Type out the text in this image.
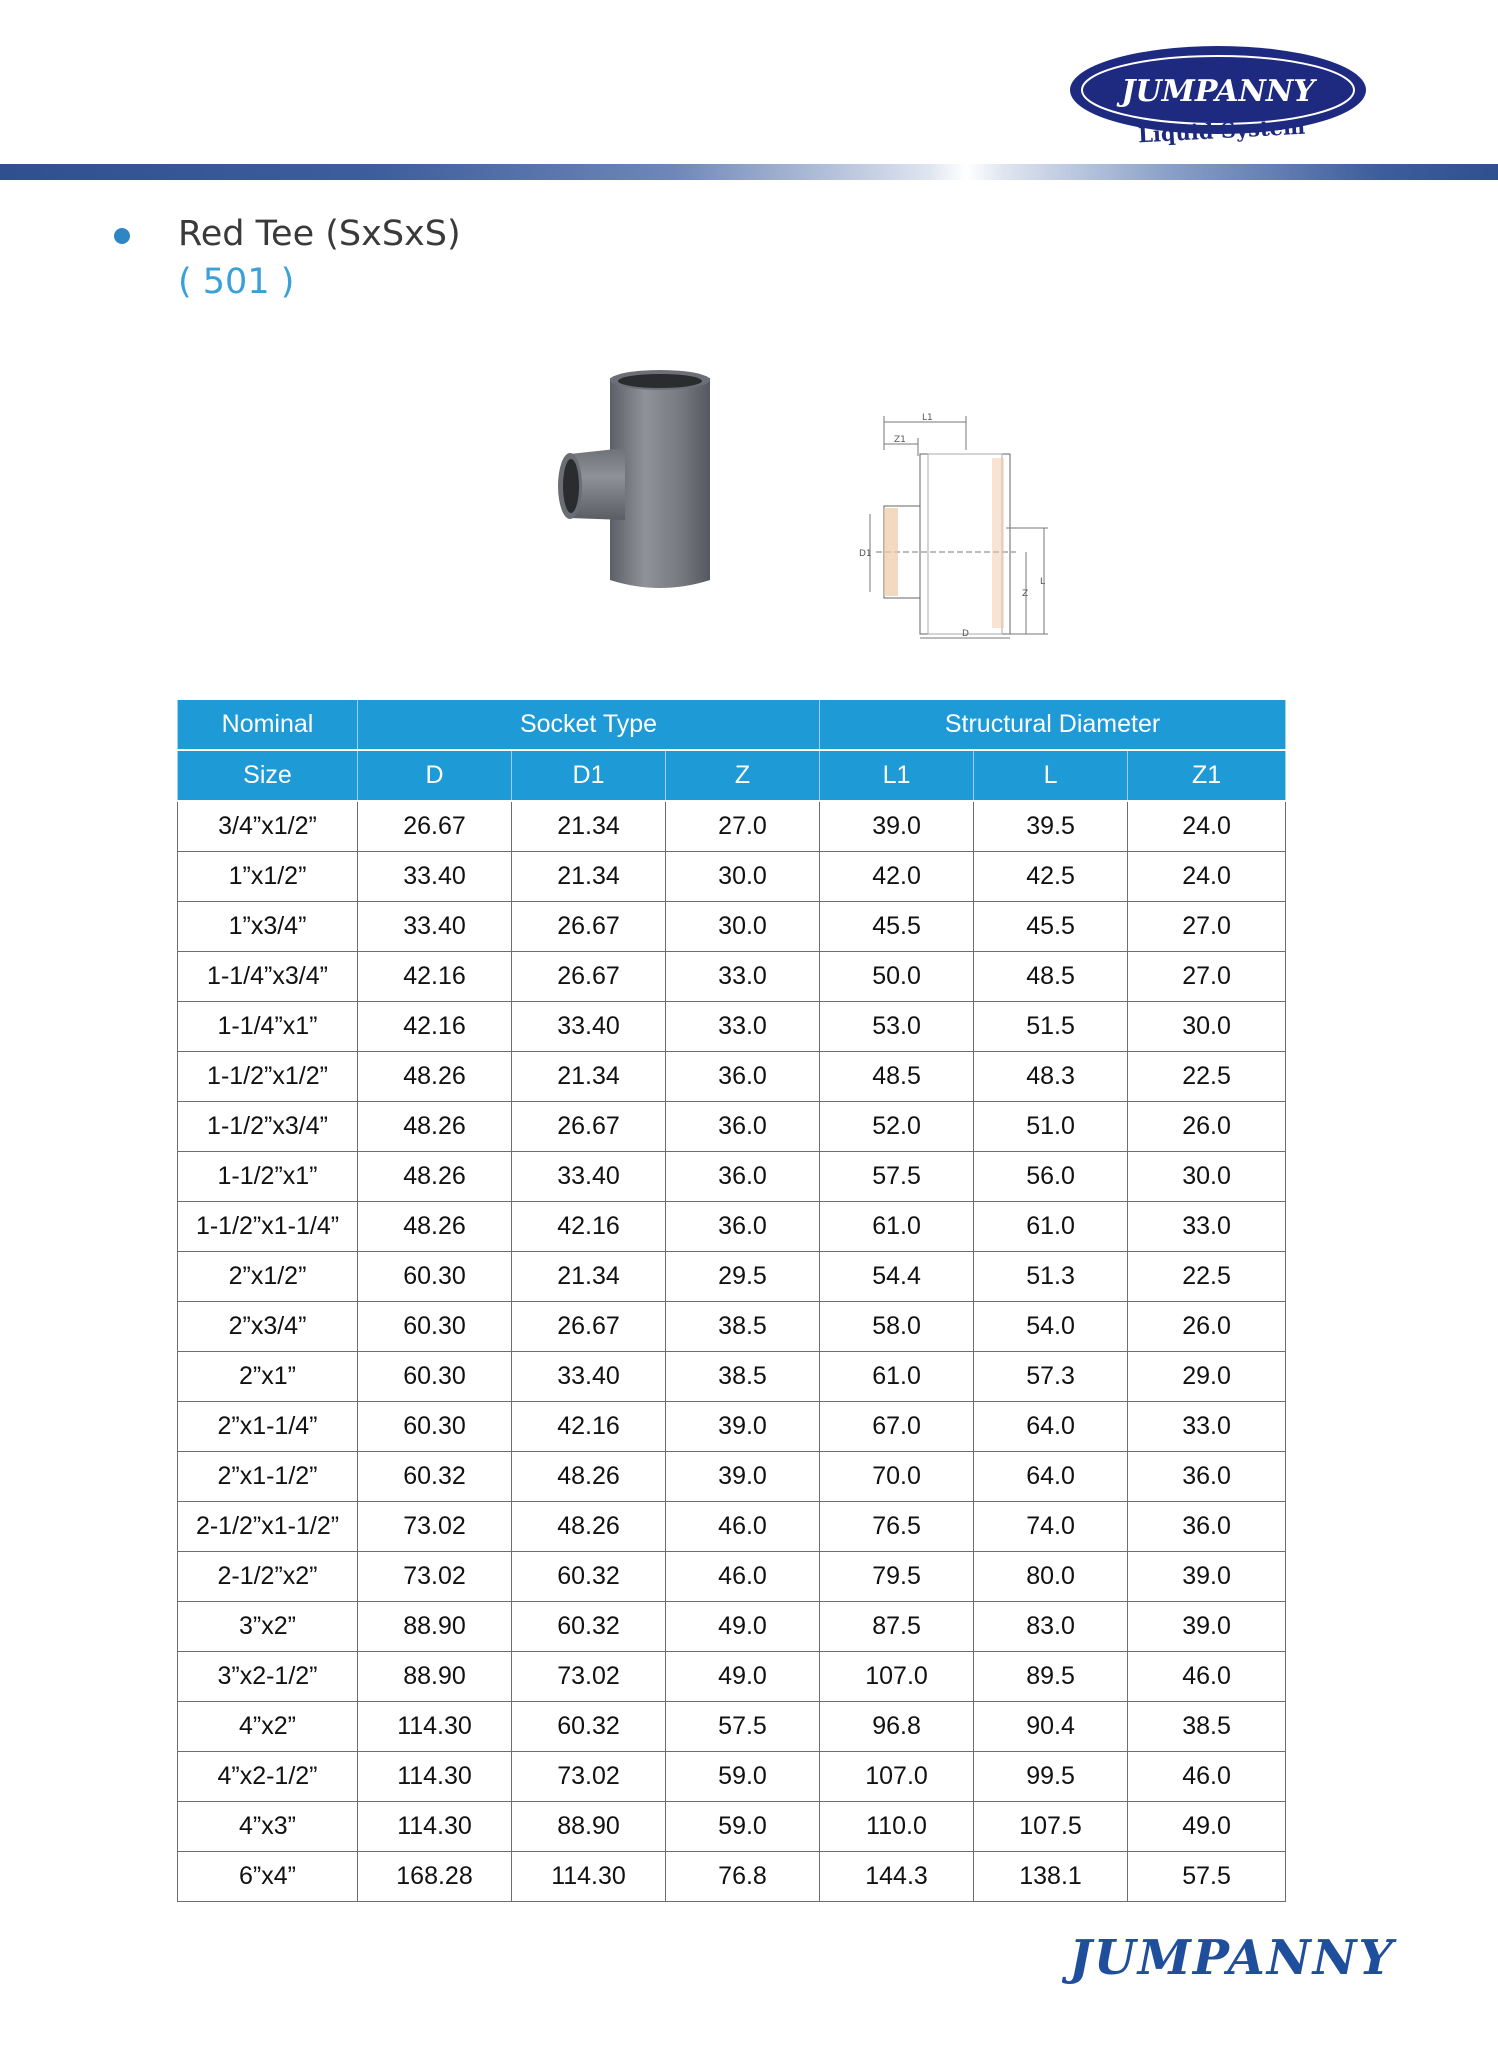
JUMPANNY
Liquid System
Red Tee (SxSxS)
( 501 )
L1
Z1
D1
Z
L
D
Nominal	Socket Type			Structural Diameter		
Size	D	D1	Z	L1	L	Z1
3/4”x1/2”	26.67	21.34	27.0	39.0	39.5	24.0
1”x1/2”	33.40	21.34	30.0	42.0	42.5	24.0
1”x3/4”	33.40	26.67	30.0	45.5	45.5	27.0
1-1/4”x3/4”	42.16	26.67	33.0	50.0	48.5	27.0
1-1/4”x1”	42.16	33.40	33.0	53.0	51.5	30.0
1-1/2”x1/2”	48.26	21.34	36.0	48.5	48.3	22.5
1-1/2”x3/4”	48.26	26.67	36.0	52.0	51.0	26.0
1-1/2”x1”	48.26	33.40	36.0	57.5	56.0	30.0
1-1/2”x1-1/4”	48.26	42.16	36.0	61.0	61.0	33.0
2”x1/2”	60.30	21.34	29.5	54.4	51.3	22.5
2”x3/4”	60.30	26.67	38.5	58.0	54.0	26.0
2”x1”	60.30	33.40	38.5	61.0	57.3	29.0
2”x1-1/4”	60.30	42.16	39.0	67.0	64.0	33.0
2”x1-1/2”	60.32	48.26	39.0	70.0	64.0	36.0
2-1/2”x1-1/2”	73.02	48.26	46.0	76.5	74.0	36.0
2-1/2”x2”	73.02	60.32	46.0	79.5	80.0	39.0
3”x2”	88.90	60.32	49.0	87.5	83.0	39.0
3”x2-1/2”	88.90	73.02	49.0	107.0	89.5	46.0
4”x2”	114.30	60.32	57.5	96.8	90.4	38.5
4”x2-1/2”	114.30	73.02	59.0	107.0	99.5	46.0
4”x3”	114.30	88.90	59.0	110.0	107.5	49.0
6”x4”	168.28	114.30	76.8	144.3	138.1	57.5
JUMPANNY
